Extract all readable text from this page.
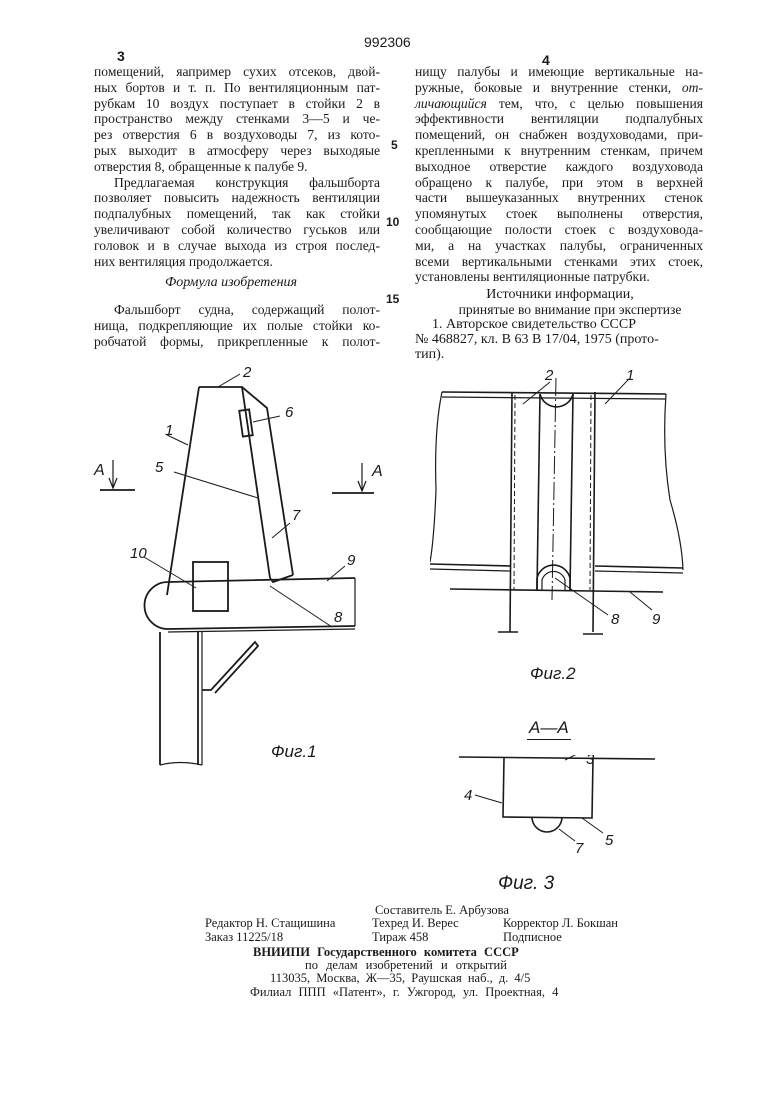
3
992306
4

помещений, яапример сухих отсеков, двой-
ных бортов и т. п. По вентиляционным пат-
рубкам 10 воздух поступает в стойки 2 в
пространство между стенками 3—5 и че-
рез отверстия 6 в воздуховоды 7, из кото-
рых выходит в атмосферу через выходяые
отверстия 8, обращенные к палубе 9.

Предлагаемая конструкция фальшборта
позволяет повысить надежность вентиляции
подпалубных помещений, так как стойки
увеличивают собой количество гуськов или
головок и в случае выхода из строя послед-
них вентиляция продолжается.

Формула изобретения
Фальшборт судна, содержащий полот-
нища, подкрепляющие их полые стойки ко-
робчатой формы, прикрепленные к полот-
5
10
15
нищу палубы и имеющие вертикальные на-
ружные, боковые и внутренние стенки, от-
личающийся тем, что, с целью повышения
эффективности вентиляции подпалубных
помещений, он снабжен воздуховодами, при-
крепленными к внутренним стенкам, причем
выходное отверстие каждого воздуховода
обращено к палубе, при этом в верхней
части вышеуказанных внутренних стенок
упомянутых стоек выполнены отверстия,
сообщающие полости стоек с воздуховода-
ми, а на участках палубы, ограниченных
всеми вертикальными стенками этих стоек,
установлены вентиляционные патрубки.
Источники информации,
принятые во внимание при экспертизе
1. Авторское свидетельство СССР
№ 468827, кл. В 63 В 17/04, 1975 (прото-
тип).
2
1
5
6
7
8
9
10
А	А
Фиг.1
2	1
8 9
Фиг.2
А—А
3
4
5
7
Фиг. 3
Составитель Е. Арбузова
Редактор Н. Стащишина	Техред И. Верес	Корректор Л. Бокшан
Заказ 11225/18	Тираж 458	Подписное
ВНИИПИ Государственного комитета СССР
по делам изобретений и открытий
113035, Москва, Ж—35, Раушская наб., д. 4/5
Филиал ППП «Патент», г. Ужгород, ул. Проектная, 4
